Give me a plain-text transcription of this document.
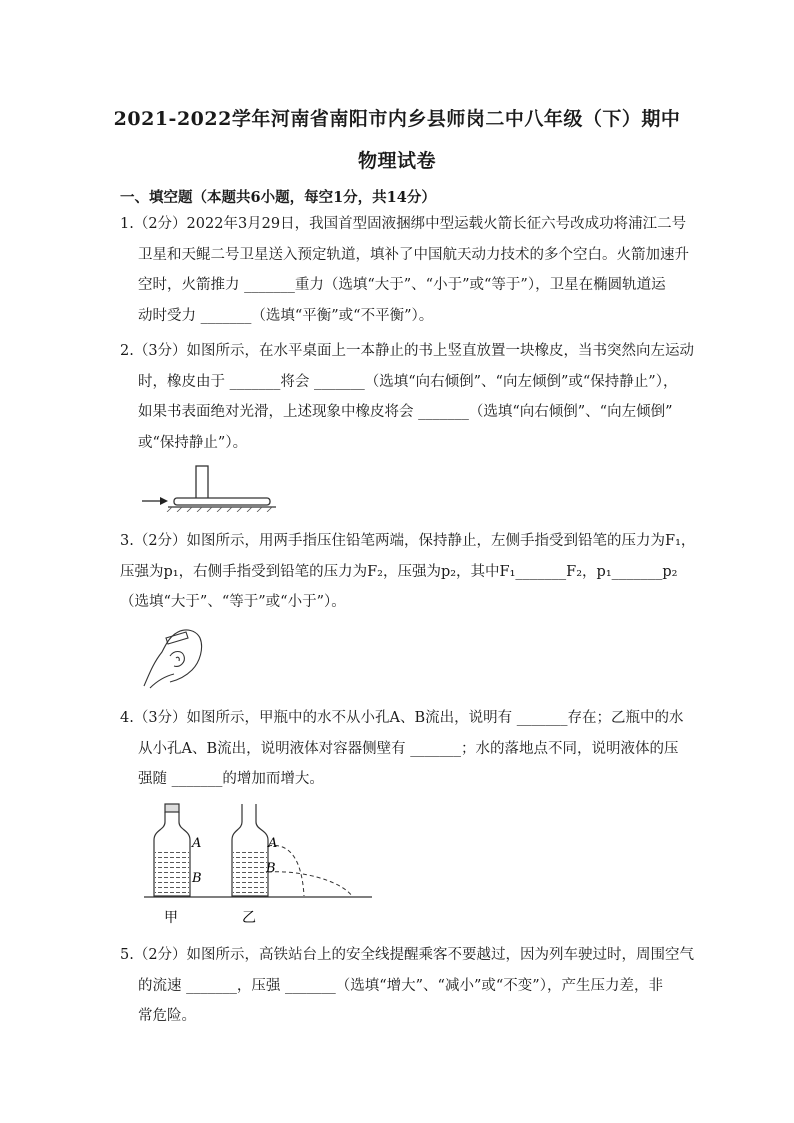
2021-2022学年河南省南阳市内乡县师岗二中八年级（下）期中
物理试卷
一、填空题（本题共6小题，每空1分，共14分）
1.（2分）2022年3月29日，我国首型固液捆绑中型运载火箭长征六号改成功将浦江二号
卫星和天鲲二号卫星送入预定轨道，填补了中国航天动力技术的多个空白。火箭加速升
空时，火箭推力 _______重力（选填“大于”、“小于”或“等于”），卫星在椭圆轨道运
动时受力 _______（选填“平衡”或“不平衡”）。
2.（3分）如图所示，在水平桌面上一本静止的书上竖直放置一块橡皮，当书突然向左运动
时，橡皮由于 _______将会 _______（选填“向右倾倒”、“向左倾倒”或“保持静止”），
如果书表面绝对光滑，上述现象中橡皮将会 _______（选填“向右倾倒”、“向左倾倒”
或“保持静止”）。
3.（2分）如图所示，用两手指压住铅笔两端，保持静止，左侧手指受到铅笔的压力为F₁，
压强为p₁，右侧手指受到铅笔的压力为F₂，压强为p₂，其中F₁_______F₂，p₁_______p₂
（选填“大于”、“等于”或“小于”）。
4.（3分）如图所示，甲瓶中的水不从小孔A、B流出，说明有 _______存在；乙瓶中的水
从小孔A、B流出，说明液体对容器侧壁有 _______；水的落地点不同，说明液体的压
强随 _______的增加而增大。
A
B
A
B
甲	乙
5.（2分）如图所示，高铁站台上的安全线提醒乘客不要越过，因为列车驶过时，周围空气
的流速 _______，压强 _______（选填“增大”、“减小”或“不变”），产生压力差，非
常危险。
